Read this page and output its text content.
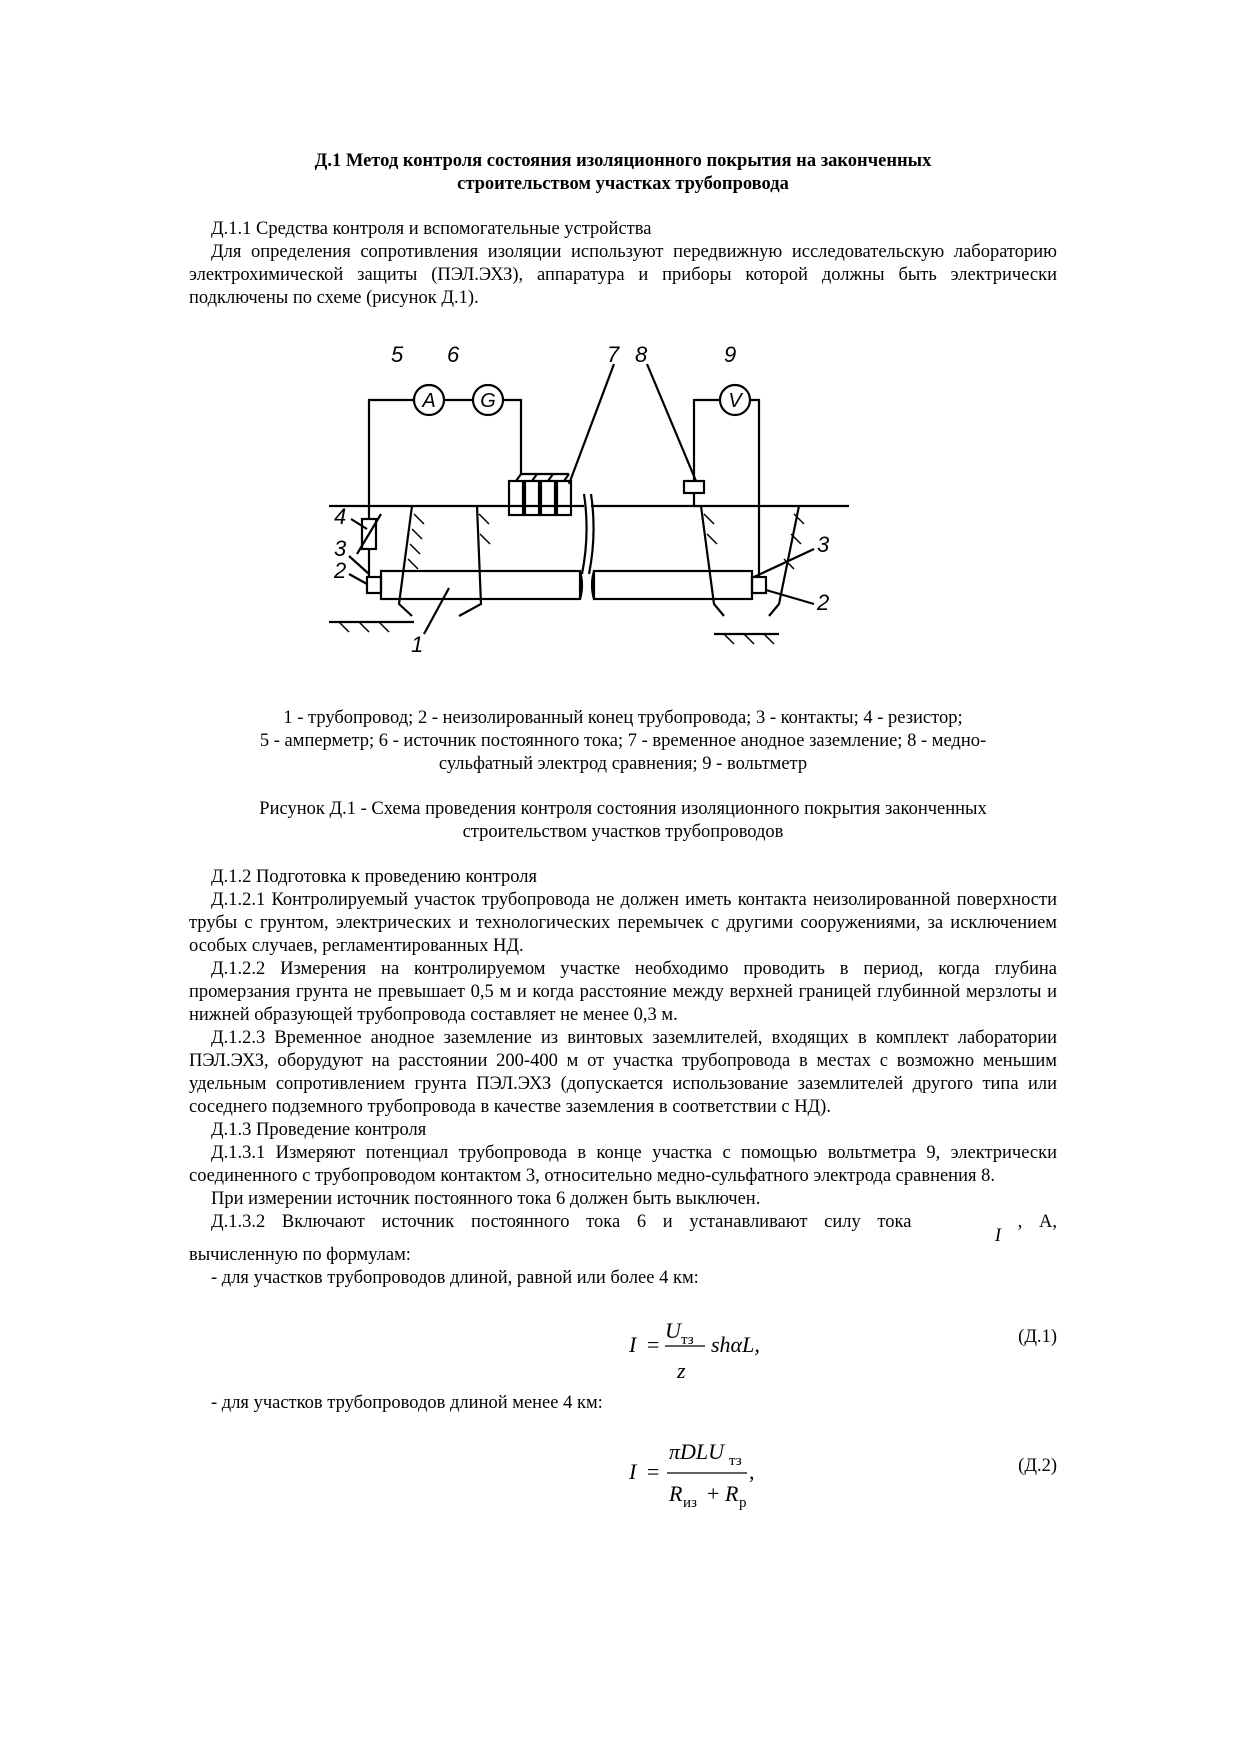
Д.1 Метод контроля состояния изоляционного покрытия на законченных
строительством участках трубопровода

Д.1.1 Средства контроля и вспомогательные устройства

Для определения сопротивления изоляции используют передвижную исследовательскую лабораторию электрохимической защиты (ПЭЛ.ЭХЗ), аппаратура и приборы которой должны быть электрически подключены по схеме (рисунок Д.1).

A G	V
5 6	7 8	9
4
3
2
3
2
1
1 - трубопровод; 2 - неизолированный конец трубопровода; 3 - контакты; 4 - резистор;
5 - амперметр; 6 - источник постоянного тока; 7 - временное анодное заземление; 8 - медно-
сульфатный электрод сравнения; 9 - вольтметр
Рисунок Д.1 - Схема проведения контроля состояния изоляционного покрытия законченных
строительством участков трубопроводов

Д.1.2 Подготовка к проведению контроля

Д.1.2.1 Контролируемый участок трубопровода не должен иметь контакта неизолированной поверхности трубы с грунтом, электрических и технологических перемычек с другими сооружениями, за исключением особых случаев, регламентированных НД.

Д.1.2.2 Измерения на контролируемом участке необходимо проводить в период, когда глубина промерзания грунта не превышает 0,5 м и когда расстояние между верхней границей глубинной мерзлоты и нижней образующей трубопровода составляет не менее 0,3 м.

Д.1.2.3 Временное анодное заземление из винтовых заземлителей, входящих в комплект лаборатории ПЭЛ.ЭХЗ, оборудуют на расстоянии 200-400 м от участка трубопровода в местах с возможно меньшим удельным сопротивлением грунта ПЭЛ.ЭХЗ (допускается использование заземлителей другого типа или соседнего подземного трубопровода в качестве заземления в соответствии с НД).

Д.1.3 Проведение контроля

Д.1.3.1 Измеряют потенциал трубопровода в конце участка с помощью вольтметра 9, электрически соединенного с трубопроводом контактом 3, относительно медно-сульфатного электрода сравнения 8.

При измерении источник постоянного тока 6 должен быть выключен.

Д.1.3.2 Включают источник постоянного тока 6 и устанавливают силу тока     I , А,

вычисленную по формулам:

- для участков трубопроводов длиной, равной или более 4 км:

I =
U тз
z
shαL,	(Д.1)

- для участков трубопроводов длиной менее 4 км:

I =
πDLU тз
R из + R р
,	(Д.2)
